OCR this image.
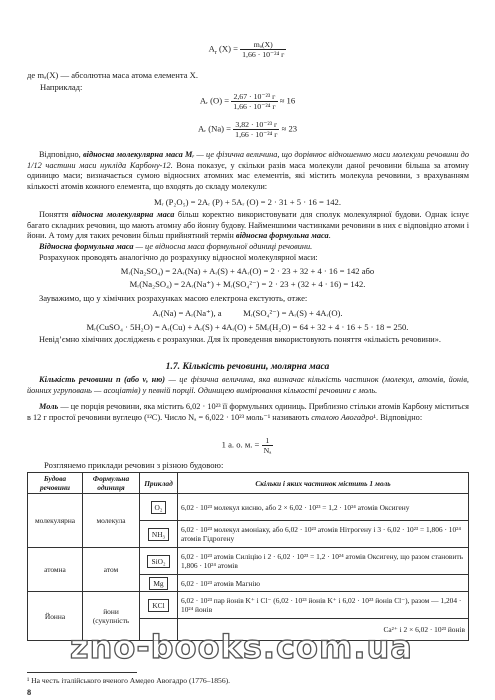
$A_r$ $(X) = \frac{\text{mₐ(X)}}{\text{1,66 · 10⁻²⁴ г}}$
де mₐ(X) — абсолютна маса атома елемента X.
Наприклад:
Aᵣ $(O) = \frac{\text{2,67 · 10⁻²³ г}}{\text{1,66 · 10⁻²⁴ г}} \approx 16$
Aᵣ $(Na) = \frac{\text{3,82 · 10⁻²³ г}}{\text{1,66 · 10⁻²⁴ г}} \approx 23$
Відповідно, відносна молекулярна маса Mᵣ — це фізична величина, що дорівнює відношенню маси молекули речовини до 1/12 частини маси нукліда Карбону-12. Вона показує, у скільки разів маса молекули даної речовини більша за атомну одиницю маси; визначається сумою відносних атомних мас елементів, які містить молекула речовини, з врахуванням кількості атомів кожного елемента, що входять до складу молекули:
Mᵣ (P₂O₅) = 2Aᵣ (P) + 5Aᵣ (O) = 2 · 31 + 5 · 16 = 142.
Поняття відносна молекулярна маса більш коректно використовувати для сполук молекулярної будови. Однак існує багато складних речовин, що мають атомну або йонну будову. Найменшими частинками речовини в них є відповідно атоми і йони. А тому для таких речовин більш прийнятний термін відносна формульна маса.
Відносна формульна маса — це відносна маса формульної одиниці речовини.
Розрахунок проводять аналогічно до розрахунку відносної молекулярної маси:
Mᵣ(Na₂SO₄) = 2Aᵣ(Na) + Aᵣ(S) + 4Aᵣ(O) = 2 · 23 + 32 + 4 · 16 = 142 або
Mᵣ(Na₂SO₄) = 2Aᵣ(Na⁺) + Mᵣ(SO₄²⁻) = 2 · 23 + (32 + 4 · 16) = 142.
Зауважимо, що у хімічних розрахунках масою електрона екстують, отже:
Aᵣ(Na) = Aᵣ(Na⁺), а          Mᵣ(SO₄²⁻) = Aᵣ(S) + 4Aᵣ(O).
Mᵣ(CuSO₄ · 5H₂O) = Aᵣ(Cu) + Aᵣ(S) + 4Aᵣ(O) + 5Mᵣ(H₂O) = 64 + 32 + 4 · 16 + 5 · 18 = 250.
Невід’ємно хімічних досліджень є розрахунки. Для їх проведення використовують поняття «кількість речовини».
1.7. Кількість речовини, молярна маса
Кількість речовини n (або ν, ню) — це фізична величина, яка визначає кількість частинок (молекул, атомів, йонів, йонних угруповань — асоціатів) у певній порції. Одиницею вимірювання кількості речовини є моль.
Моль — це порція речовини, яка містить 6,02 · 10²³ її формульних одиниць. Приблизно стільки атомів Карбону міститься в 12 г простої речовини вуглецю (¹²C). Число Nₐ = 6,022 · 10²³ моль⁻¹ називають сталою Авогадро¹. Відповідно:
1 а. о. м. = $\frac{1}{\text{Nₐ}}$
Розглянемо приклади речовин з різною будовою:
Будова речовини	Формульна одиниця	Приклад	Скільки і яких частинок містить 1 моль
молекулярна	молекула	O₂	6,02 · 10²³ молекул кисню, або 2 × 6,02 · 10²³ = 1,2 · 10²⁴ атомів Оксигену
		NH₃	6,02 · 10²³ молекул амоніаку, або 6,02 · 10²³ атомів Нітрогену і 3 · 6,02 · 10²³ = 1,806 · 10²⁴ атомів Гідрогену
атомна	атом	SiO₂	6,02 · 10²³ атомів Силіцію і 2 · 6,02 · 10²³ = 1,2 · 10²⁴ атомів Оксигену, що разом становить 1,806 · 10²⁴ атомів
		Mg	6,02 · 10²³ атомів Магнію
Йонна	йони (сукупність	KCl	6,02 · 10²³ пар йонів K⁺ і Cl⁻ (6,02 · 10²³ йонів K⁺ і 6,02 · 10²³ йонів Cl⁻), разом — 1,204 · 10²⁴ йонів
			Ca²⁺ і 2 × 6,02 · 10²³ йонів
zno-books.com.ua
¹ На честь італійського вченого Амедео Авогадро (1776–1856).
8
